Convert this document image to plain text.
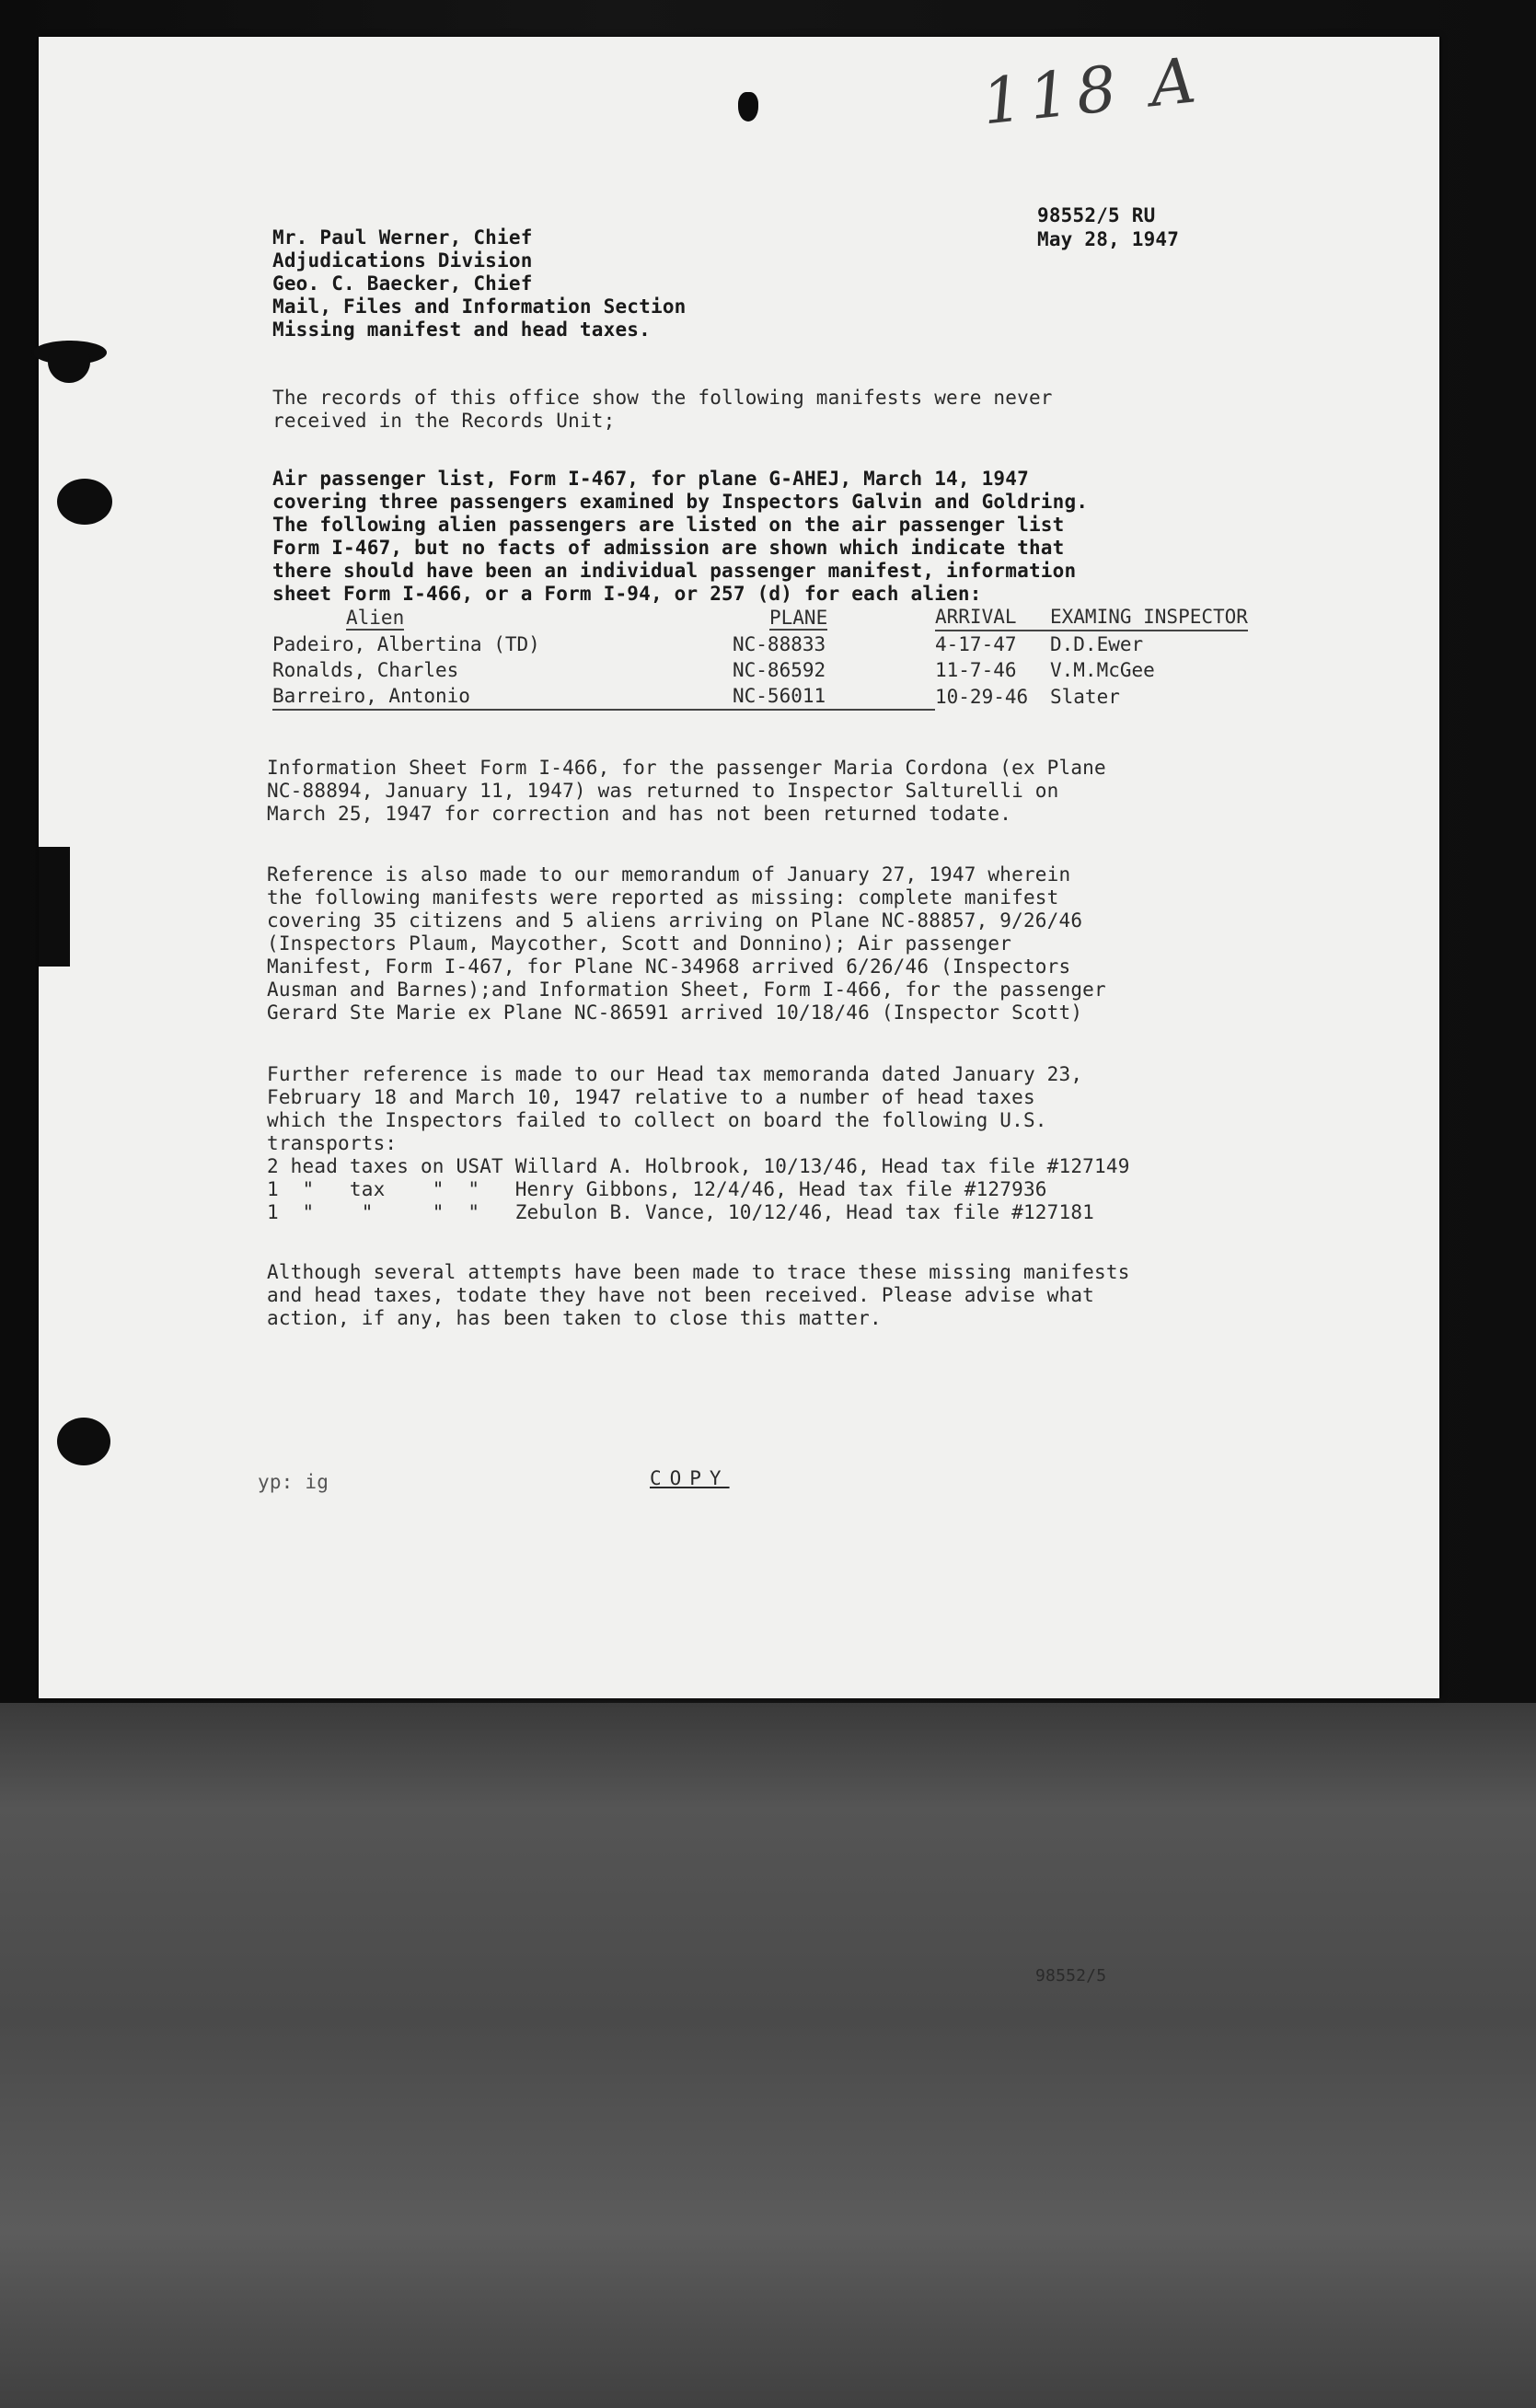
118 A
98552/5 RU
May 28, 1947
Mr. Paul Werner, Chief
Adjudications Division
Geo. C. Baecker, Chief
Mail, Files and Information Section
Missing manifest and head taxes.
The records of this office show the following manifests were never
received in the Records Unit;
Air passenger list, Form I-467, for plane G-AHEJ, March 14, 1947
covering three passengers examined by Inspectors Galvin and Goldring.
The following alien passengers are listed on the air passenger list
Form I-467, but no facts of admission are shown which indicate that
there should have been an individual passenger manifest, information
sheet Form I-466, or a Form I-94, or 257 (d) for each alien:
Alien	PLANE	ARRIVAL	EXAMING INSPECTOR
Padeiro, Albertina (TD)	NC-88833	4-17-47	D.D.Ewer
Ronalds, Charles	NC-86592	11-7-46	V.M.McGee
Barreiro, Antonio	NC-56011	10-29-46	Slater
Information Sheet Form I-466, for the passenger Maria Cordona (ex Plane
NC-88894, January 11, 1947) was returned to Inspector Salturelli on
March 25, 1947 for correction and has not been returned todate.
Reference is also made to our memorandum of January 27, 1947 wherein
the following manifests were reported as missing: complete manifest
covering 35 citizens and 5 aliens arriving on Plane NC-88857, 9/26/46
(Inspectors Plaum, Maycother, Scott and Donnino); Air passenger
Manifest, Form I-467, for Plane NC-34968 arrived 6/26/46 (Inspectors
Ausman and Barnes);and Information Sheet, Form I-466, for the passenger
Gerard Ste Marie ex Plane NC-86591 arrived 10/18/46 (Inspector Scott)
Further reference is made to our Head tax memoranda dated January 23,
February 18 and March 10, 1947 relative to a number of head taxes
which the Inspectors failed to collect on board the following U.S.
transports:
2 head taxes on USAT Willard A. Holbrook, 10/13/46, Head tax file #127149
1  "   tax    "  "   Henry Gibbons, 12/4/46, Head tax file #127936
1  "    "     "  "   Zebulon B. Vance, 10/12/46, Head tax file #127181
Although several attempts have been made to trace these missing manifests
and head taxes, todate they have not been received. Please advise what
action, if any, has been taken to close this matter.
yp: ig	COPY
98552/5
